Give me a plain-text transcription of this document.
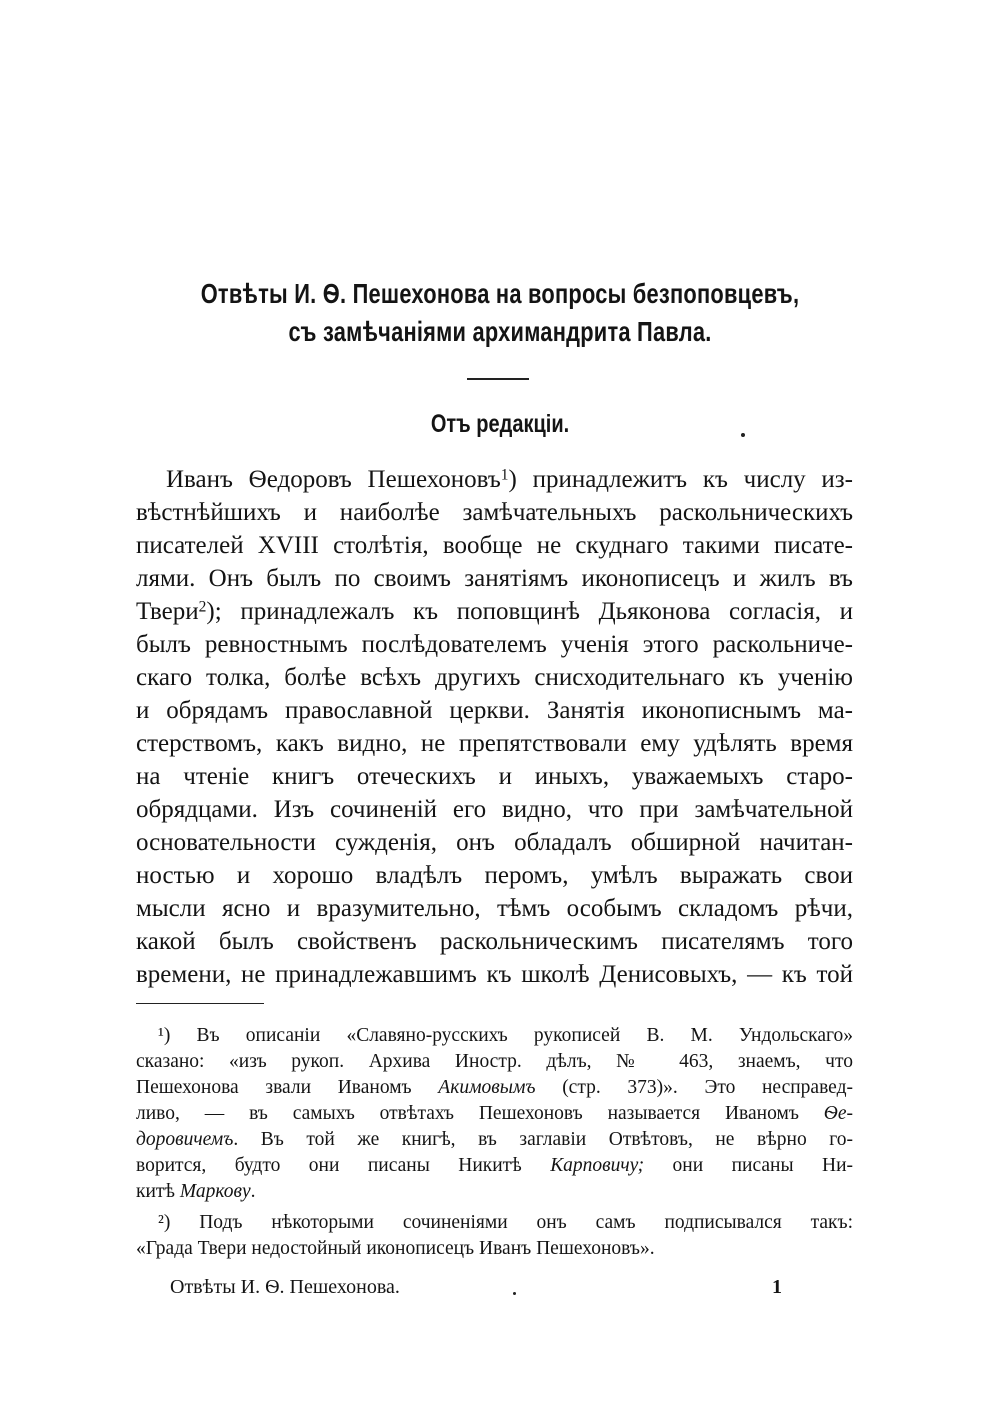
Отвѣты И. Ѳ. Пешехонова на вопросы безпоповцевъ,
съ замѣчаніями архимандрита Павла.
Отъ редакціи.
Иванъ Ѳедоровъ Пешехоновъ$^1$) принадлежитъ къ числу из-
вѣстнѣйшихъ и наиболѣе замѣчательныхъ раскольническихъ
писателей XVIII столѣтія, вообще не скуднаго такими писате-
лями. Онъ былъ по своимъ занятіямъ иконописецъ и жилъ въ
Твери$^2$); принадлежалъ къ поповщинѣ Дьяконова согласія, и
былъ ревностнымъ послѣдователемъ ученія этого раскольниче-
скаго толка, болѣе всѣхъ другихъ снисходительнаго къ ученію
и обрядамъ православной церкви. Занятія иконописнымъ ма-
стерствомъ, какъ видно, не препятствовали ему удѣлять время
на чтеніе книгъ отеческихъ и иныхъ, уважаемыхъ старо-
обрядцами. Изъ сочиненій его видно, что при замѣчательной
основательности сужденія, онъ обладалъ обширной начитан-
ностью и хорошо владѣлъ перомъ, умѣлъ выражать свои
мысли ясно и вразумительно, тѣмъ особымъ складомъ рѣчи,
какой былъ свойственъ раскольническимъ писателямъ того
времени, не принадлежавшимъ къ школѣ Денисовыхъ, — къ той
¹) Въ описаніи «Славяно-русскихъ рукописей В. М. Ундольскаго»
сказано: «изъ рукоп. Архива Иностр. дѣлъ, № 463, знаемъ, что
Пешехонова звали Иваномъ Акимовымъ (стр. 373)». Это несправед-
ливо, — въ самыхъ отвѣтахъ Пешехоновъ называется Иваномъ Ѳе-
доровичемъ. Въ той же книгѣ, въ заглавіи Отвѣтовъ, не вѣрно го-
ворится, будто они писаны Никитѣ Карповичу; они писаны Ни-
китѣ Маркову.
²) Подъ нѣкоторыми сочиненіями онъ самъ подписывался такъ:
«Града Твери недостойный иконописецъ Иванъ Пешехоновъ».
Отвѣты И. Ѳ. Пешехонова.	1
